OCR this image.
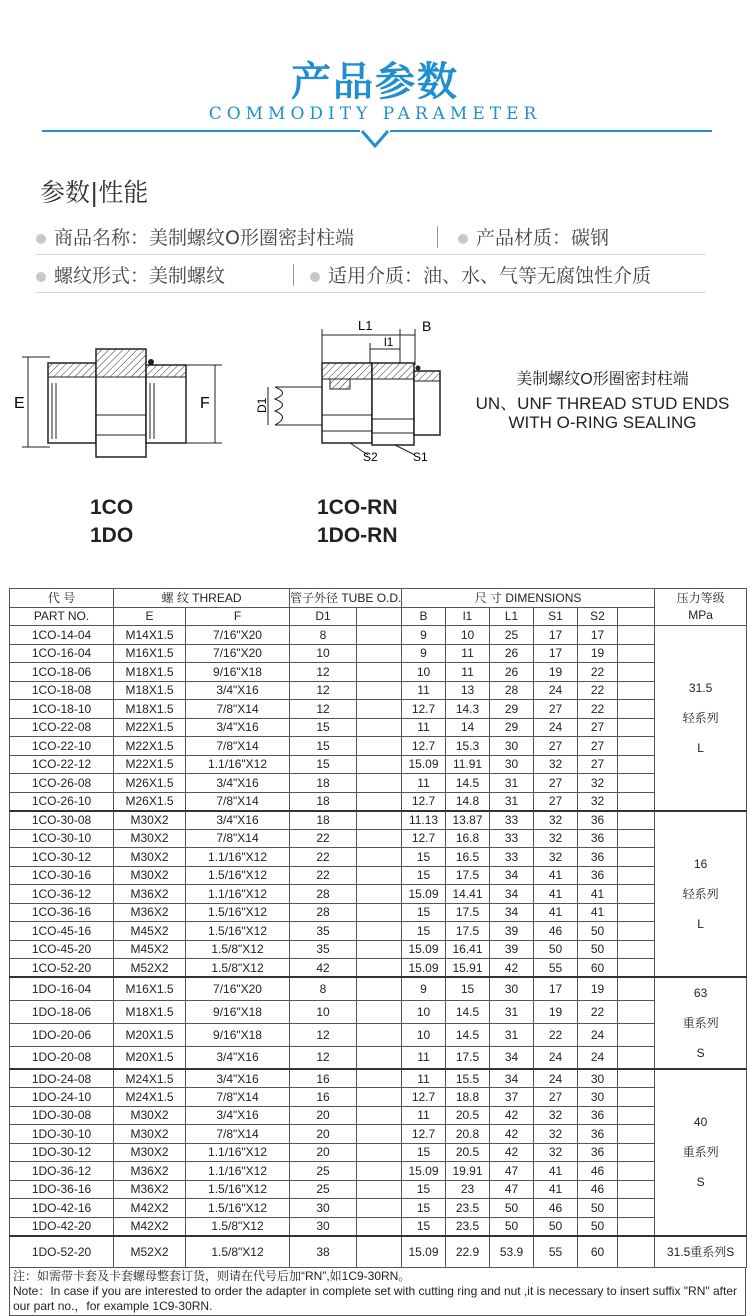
产品参数
COMMODITY PARAMETER
参数|性能
商品名称：美制螺纹O形圈密封柱端	产品材质：碳钢
螺纹形式：美制螺纹	适用介质：油、水、气等无腐蚀性介质
E	F
L1	B
l1
D1
S2	S1
美制螺纹O形圈密封柱端
UN、UNF THREAD STUD ENDS
WITH O-RING SEALING
1CO
1DO
1CO-RN
1DO-RN
代 号	螺 纹 THREAD		管子外径 TUBE O.D.		尺 寸 DIMENSIONS						压力等级
MPa

PART NO.	E	F	D1		B	l1	L1	S1	S2		
1CO-14-04	M14X1.5	7/16"X20	8		9	10	25	17	17		31.5
轻系列
L

1CO-16-04	M16X1.5	7/16"X20	10		9	11	26	17	19		
1CO-18-06	M18X1.5	9/16"X18	12		10	11	26	19	22		
1CO-18-08	M18X1.5	3/4"X16	12		11	13	28	24	22		
1CO-18-10	M18X1.5	7/8"X14	12		12.7	14.3	29	27	22		
1CO-22-08	M22X1.5	3/4"X16	15		11	14	29	24	27		
1CO-22-10	M22X1.5	7/8"X14	15		12.7	15.3	30	27	27		
1CO-22-12	M22X1.5	1.1/16"X12	15		15.09	11.91	30	32	27		
1CO-26-08	M26X1.5	3/4"X16	18		11	14.5	31	27	32		
1CO-26-10	M26X1.5	7/8"X14	18		12.7	14.8	31	27	32		
1CO-30-08	M30X2	3/4"X16	18		11.13	13.87	33	32	36		16
轻系列
L

1CO-30-10	M30X2	7/8"X14	22		12.7	16.8	33	32	36		
1CO-30-12	M30X2	1.1/16"X12	22		15	16.5	33	32	36		
1CO-30-16	M30X2	1.5/16"X12	22		15	17.5	34	41	36		
1CO-36-12	M36X2	1.1/16"X12	28		15.09	14.41	34	41	41		
1CO-36-16	M36X2	1.5/16"X12	28		15	17.5	34	41	41		
1CO-45-16	M45X2	1.5/16"X12	35		15	17.5	39	46	50		
1CO-45-20	M45X2	1.5/8"X12	35		15.09	16.41	39	50	50		
1CO-52-20	M52X2	1.5/8"X12	42		15.09	15.91	42	55	60		
1DO-16-04	M16X1.5	7/16"X20	8		9	15	30	17	19		63
重系列
S

1DO-18-06	M18X1.5	9/16"X18	10		10	14.5	31	19	22		
1DO-20-06	M20X1.5	9/16"X18	12		10	14.5	31	22	24		
1DO-20-08	M20X1.5	3/4"X16	12		11	17.5	34	24	24		
1DO-24-08	M24X1.5	3/4"X16	16		11	15.5	34	24	30		40
重系列
S

1DO-24-10	M24X1.5	7/8"X14	16		12.7	18.8	37	27	30		
1DO-30-08	M30X2	3/4"X16	20		11	20.5	42	32	36		
1DO-30-10	M30X2	7/8"X14	20		12.7	20.8	42	32	36		
1DO-30-12	M30X2	1.1/16"X12	20		15	20.5	42	32	36		
1DO-36-12	M36X2	1.1/16"X12	25		15.09	19.91	47	41	46		
1DO-36-16	M36X2	1.5/16"X12	25		15	23	47	41	46		
1DO-42-16	M42X2	1.5/16"X12	30		15	23.5	50	46	50		
1DO-42-20	M42X2	1.5/8"X12	30		15	23.5	50	50	50		
1DO-52-20	M52X2	1.5/8"X12	38		15.09	22.9	53.9	55	60		31.5重系列S
注：如需带卡套及卡套螺母整套订货，则请在代号后加“RN”,如1C9-30RN。
Note：In case if you are interested to order the adapter in complete set with cutting ring and nut ,it is necessary to insert suffix "RN" after our part no.，for example 1C9-30RN.
